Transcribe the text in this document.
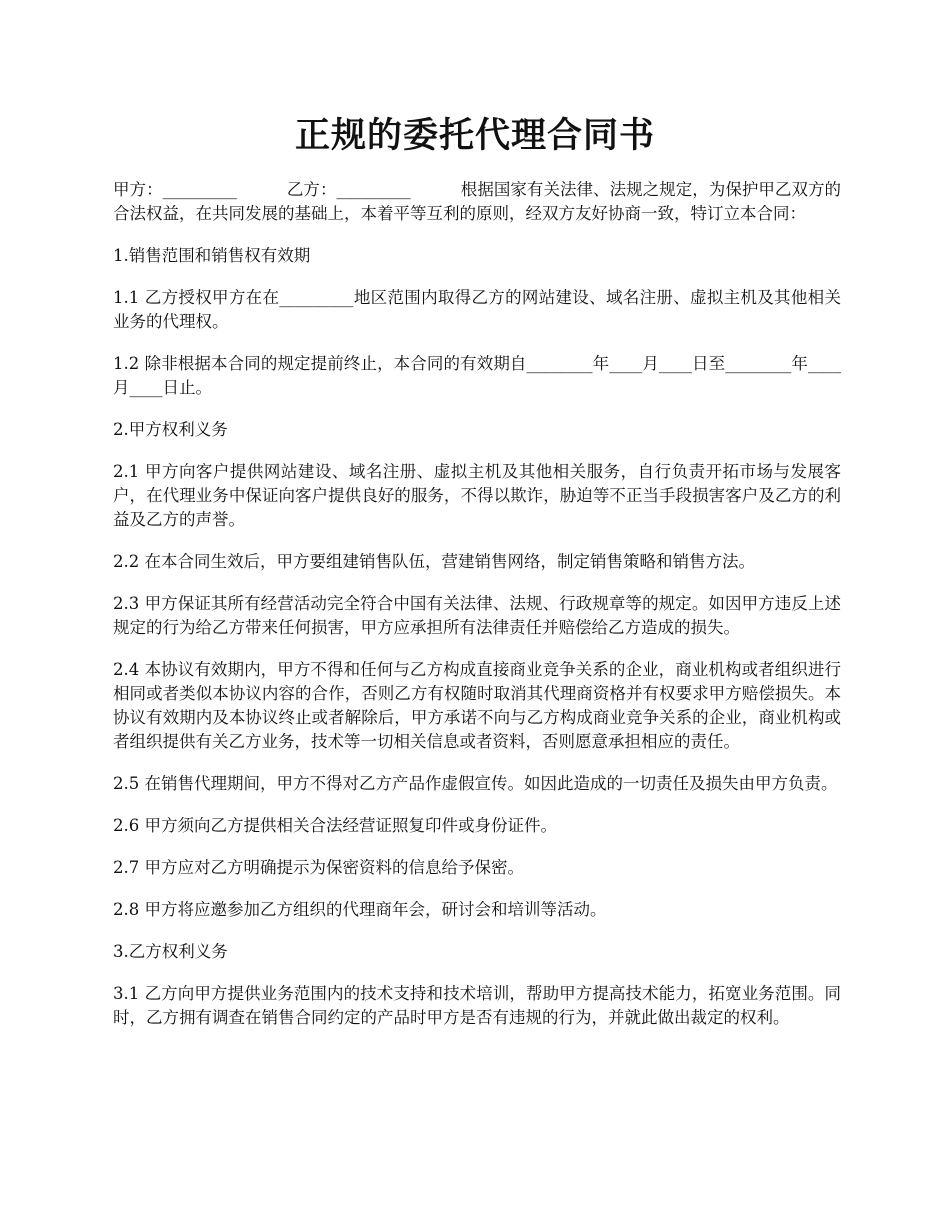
正规的委托代理合同书

甲方：_________	乙方：_________	根据国家有关法律、法规之规定，为保护甲乙双方的合法权益，在共同发展的基础上，本着平等互利的原则，经双方友好协商一致，特订立本合同：

1.销售范围和销售权有效期

1.1 乙方授权甲方在在_________地区范围内取得乙方的网站建设、域名注册、虚拟主机及其他相关业务的代理权。

1.2 除非根据本合同的规定提前终止，本合同的有效期自________年____月____日至________年____月____日止。

2.甲方权利义务

2.1 甲方向客户提供网站建设、域名注册、虚拟主机及其他相关服务，自行负责开拓市场与发展客户，在代理业务中保证向客户提供良好的服务，不得以欺诈，胁迫等不正当手段损害客户及乙方的利益及乙方的声誉。

2.2 在本合同生效后，甲方要组建销售队伍，营建销售网络，制定销售策略和销售方法。

2.3 甲方保证其所有经营活动完全符合中国有关法律、法规、行政规章等的规定。如因甲方违反上述规定的行为给乙方带来任何损害，甲方应承担所有法律责任并赔偿给乙方造成的损失。

2.4 本协议有效期内，甲方不得和任何与乙方构成直接商业竞争关系的企业，商业机构或者组织进行相同或者类似本协议内容的合作，否则乙方有权随时取消其代理商资格并有权要求甲方赔偿损失。本协议有效期内及本协议终止或者解除后，甲方承诺不向与乙方构成商业竞争关系的企业，商业机构或者组织提供有关乙方业务，技术等一切相关信息或者资料，否则愿意承担相应的责任。

2.5 在销售代理期间，甲方不得对乙方产品作虚假宣传。如因此造成的一切责任及损失由甲方负责。

2.6 甲方须向乙方提供相关合法经营证照复印件或身份证件。

2.7 甲方应对乙方明确提示为保密资料的信息给予保密。

2.8 甲方将应邀参加乙方组织的代理商年会，研讨会和培训等活动。

3.乙方权利义务

3.1 乙方向甲方提供业务范围内的技术支持和技术培训，帮助甲方提高技术能力，拓宽业务范围。同时，乙方拥有调查在销售合同约定的产品时甲方是否有违规的行为，并就此做出裁定的权利。
